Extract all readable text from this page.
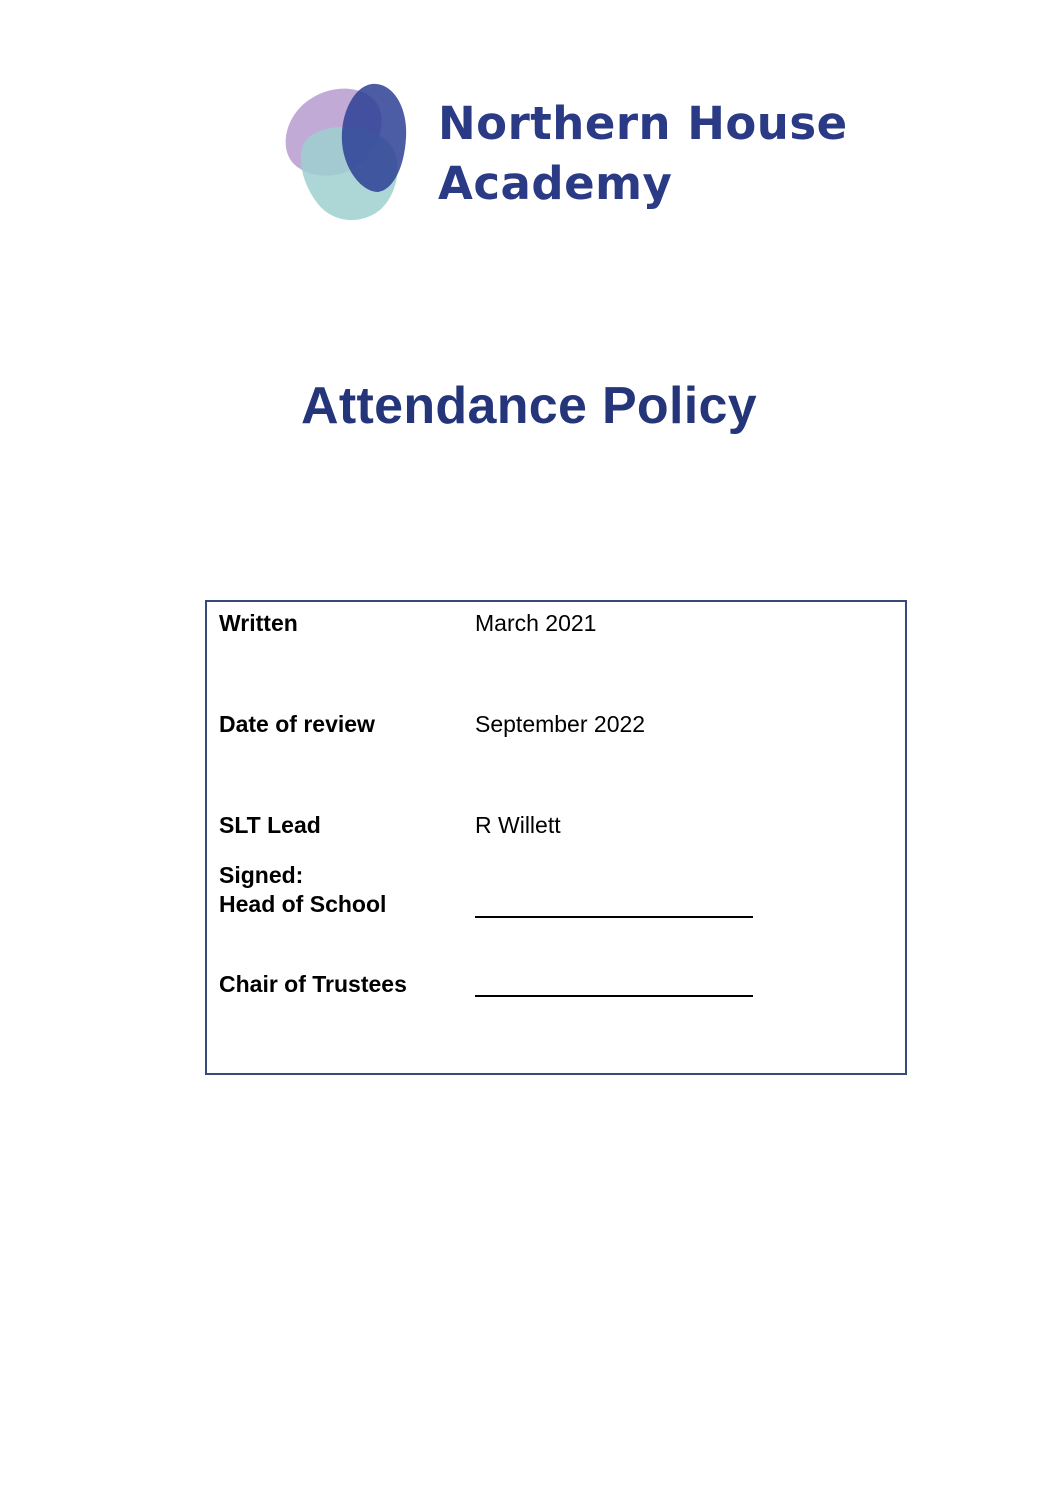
Northern House
Academy
Attendance Policy
Written	March 2021
Date of review	September 2022
SLT Lead	R Willett
Signed:
Head of School
Chair of Trustees
